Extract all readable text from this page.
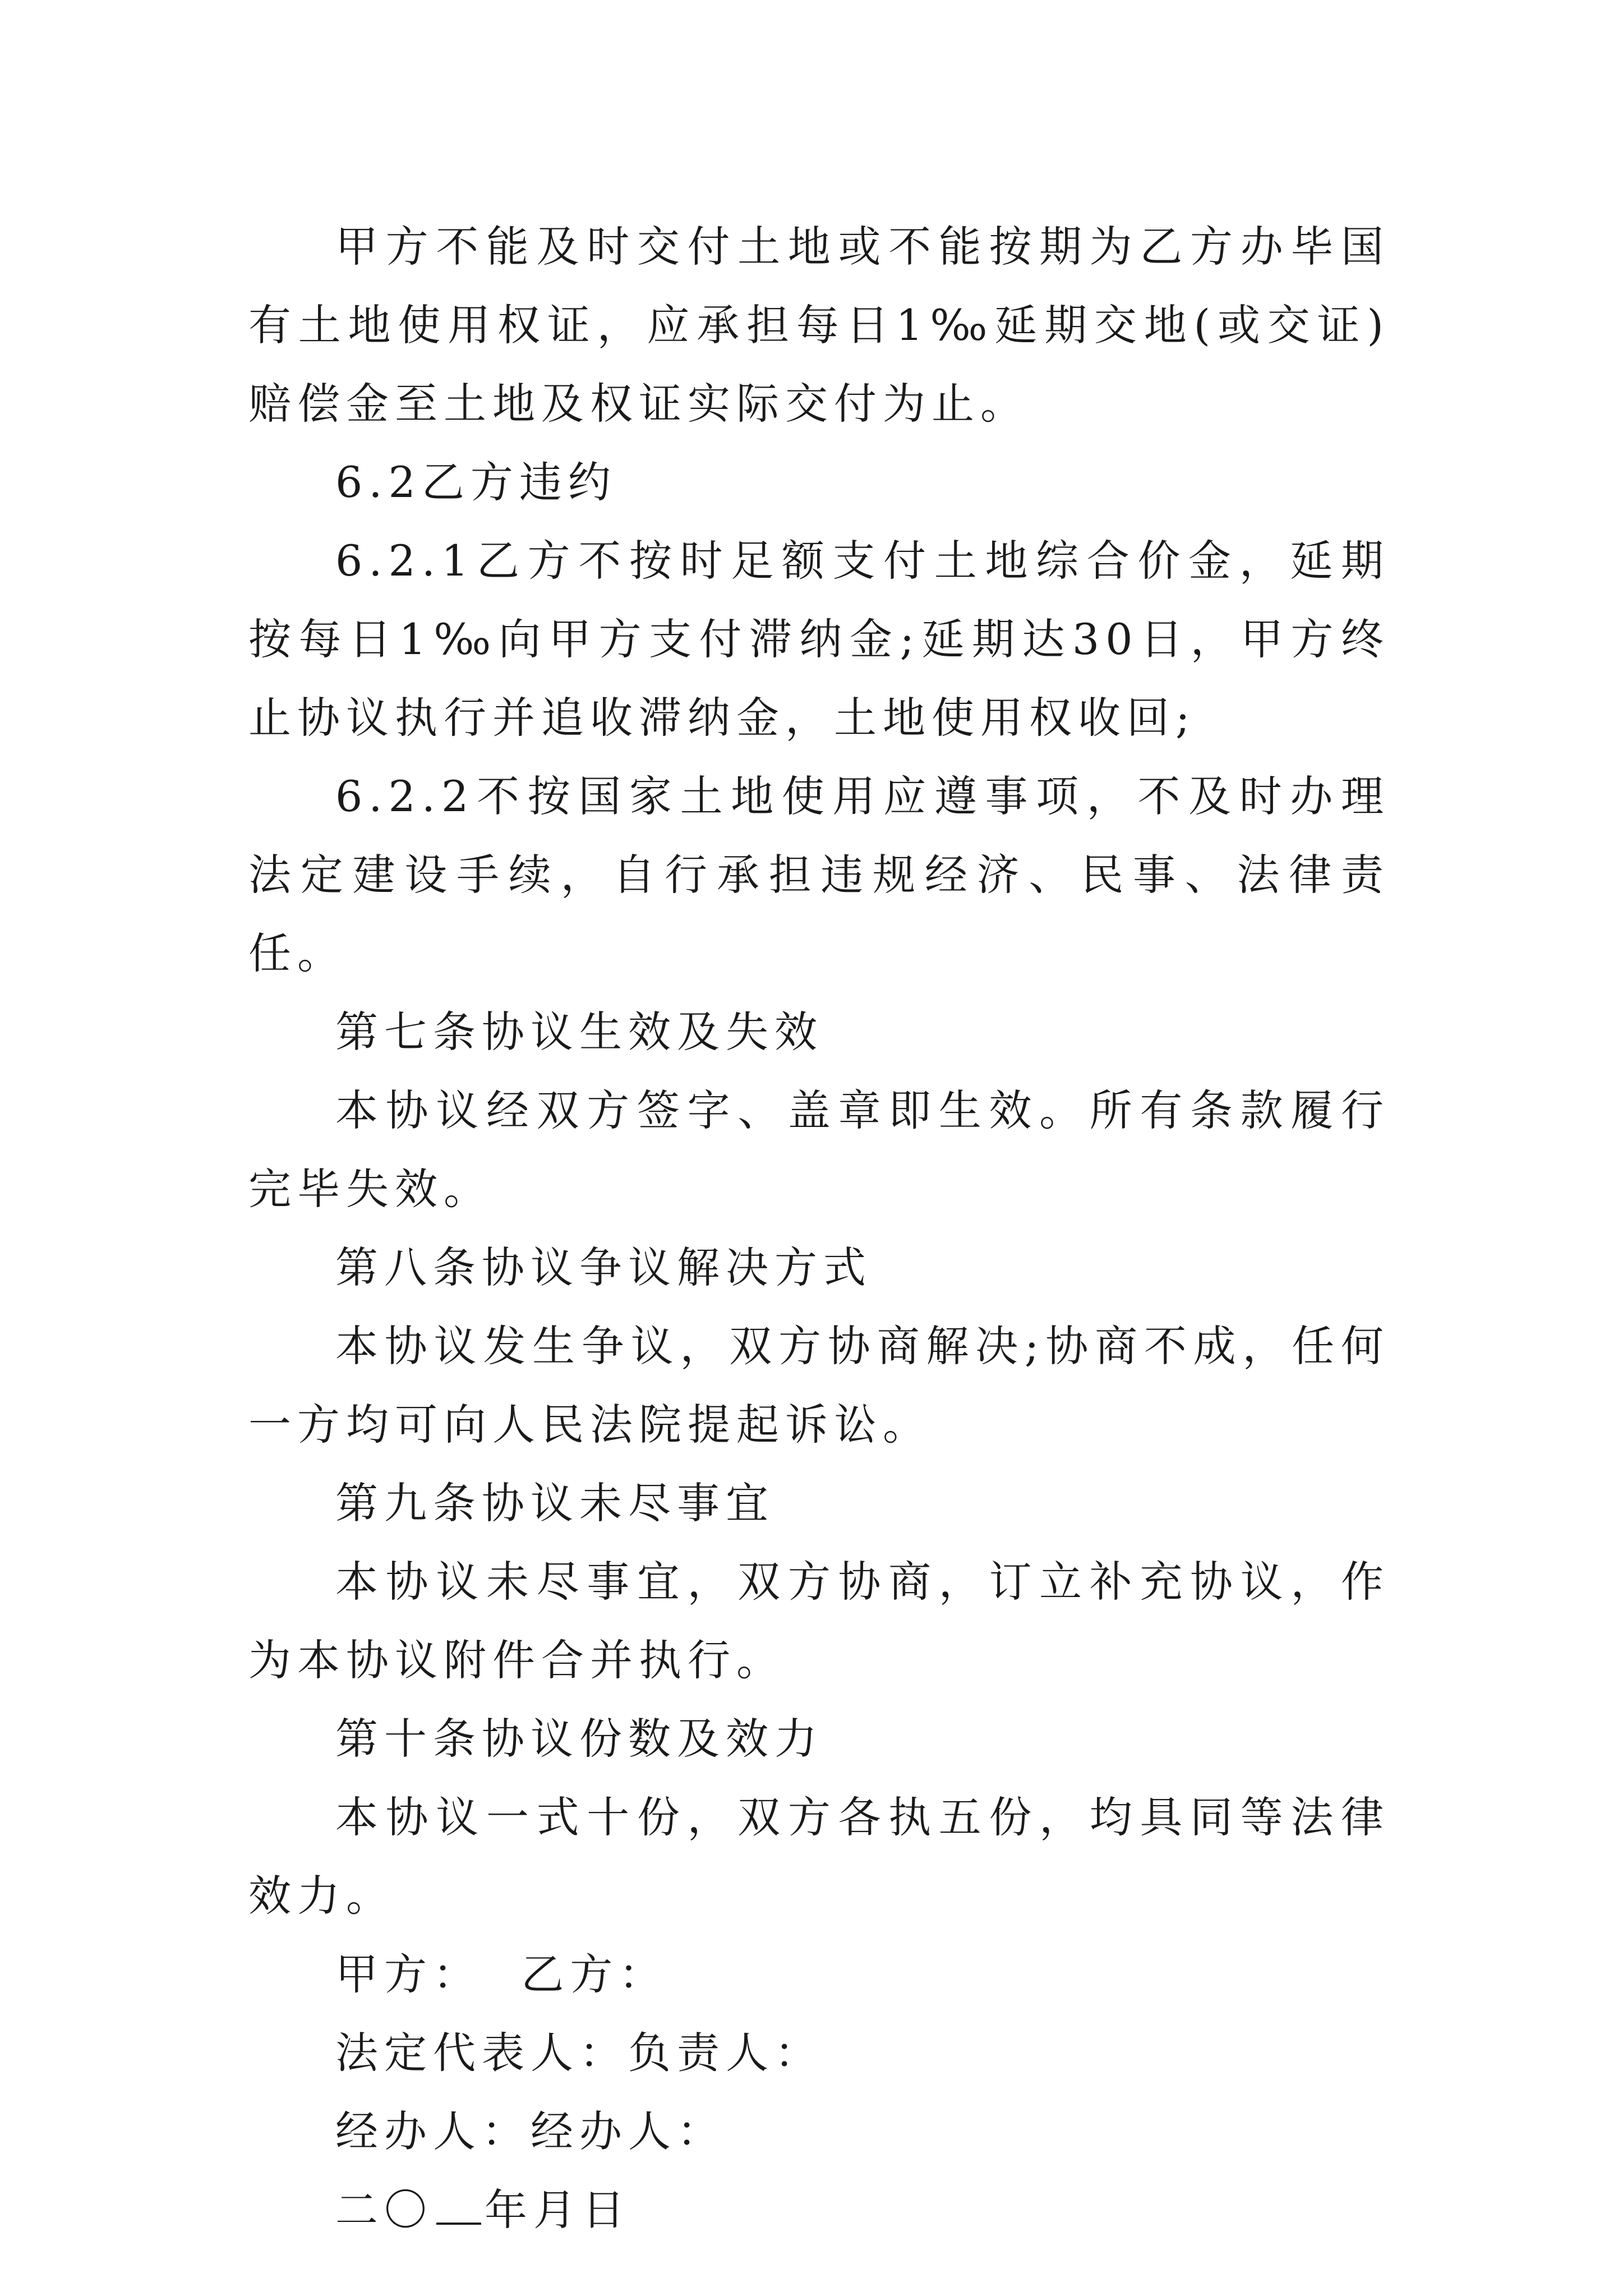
甲方不能及时交付土地或不能按期为乙方办毕国有土地使用权证，应承担每日1‰延期交地(或交证)赔偿金至土地及权证实际交付为止。

6.2乙方违约

6.2.1乙方不按时足额支付土地综合价金，延期按每日1‰向甲方支付滞纳金;延期达30日，甲方终止协议执行并追收滞纳金，土地使用权收回;

6.2.2不按国家土地使用应遵事项，不及时办理法定建设手续，自行承担违规经济、民事、法律责任。

第七条协议生效及失效

本协议经双方签字、盖章即生效。所有条款履行完毕失效。

第八条协议争议解决方式

本协议发生争议，双方协商解决;协商不成，任何一方均可向人民法院提起诉讼。

第九条协议未尽事宜

本协议未尽事宜，双方协商，订立补充协议，作为本协议附件合并执行。

第十条协议份数及效力

本协议一式十份，双方各执五份，均具同等法律效力。

甲方：  乙方：

法定代表人：负责人：

经办人：经办人：

二〇 年月日
